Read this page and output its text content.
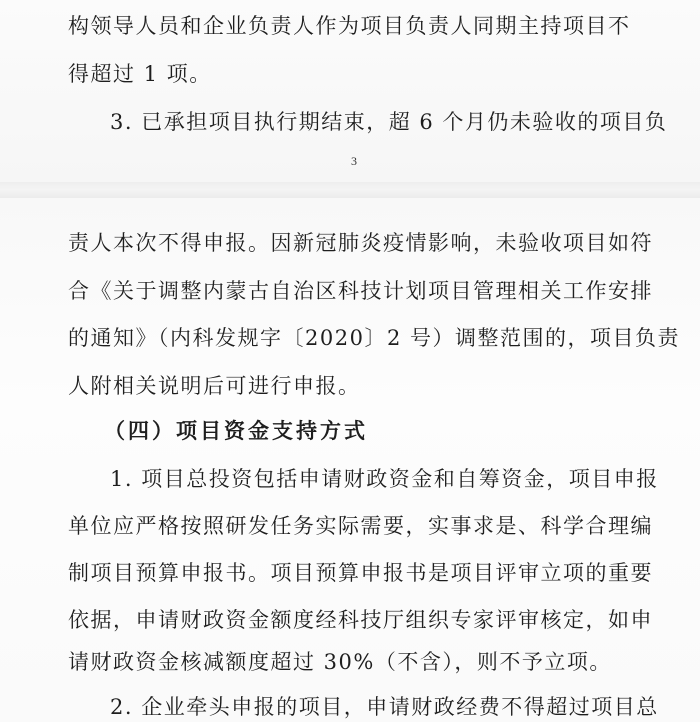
构领导人员和企业负责人作为项目负责人同期主持项目不
得超过 1 项。
3. 已承担项目执行期结束，超 6 个月仍未验收的项目负
3
责人本次不得申报。因新冠肺炎疫情影响，未验收项目如符
合《关于调整内蒙古自治区科技计划项目管理相关工作安排
的通知》（内科发规字〔2020〕2 号）调整范围的，项目负责
人附相关说明后可进行申报。
（四）项目资金支持方式
1. 项目总投资包括申请财政资金和自筹资金，项目申报
单位应严格按照研发任务实际需要，实事求是、科学合理编
制项目预算申报书。项目预算申报书是项目评审立项的重要
依据，申请财政资金额度经科技厅组织专家评审核定，如申
请财政资金核减额度超过 30%（不含），则不予立项。
2. 企业牵头申报的项目，申请财政经费不得超过项目总
